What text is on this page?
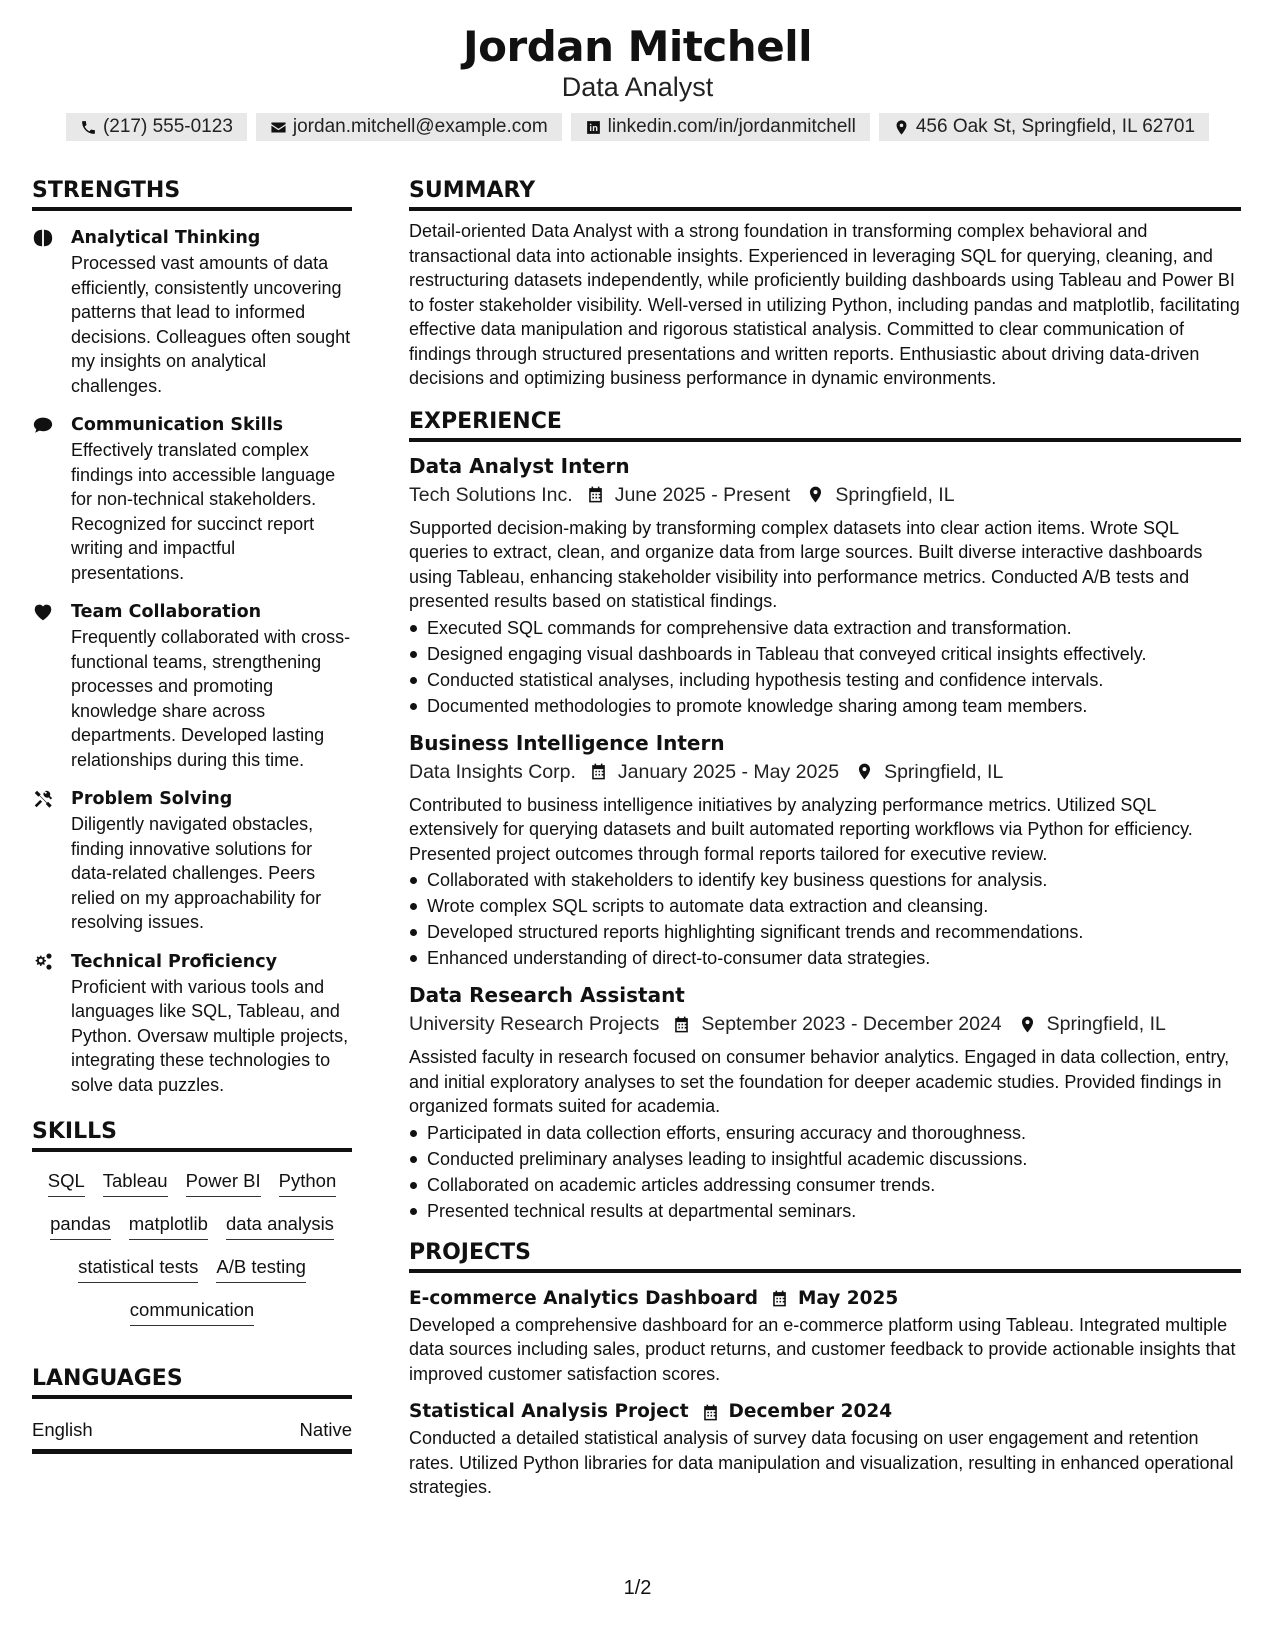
Jordan Mitchell
Data Analyst
(217) 555-0123	jordan.mitchell@example.com	linkedin.com/in/jordanmitchell	456 Oak St, Springfield, IL 62701
STRENGTHS
Analytical Thinking
Processed vast amounts of data efficiently, consistently uncovering patterns that lead to informed decisions. Colleagues often sought my insights on analytical challenges.
Communication Skills
Effectively translated complex findings into accessible language for non-technical stakeholders. Recognized for succinct report writing and impactful presentations.
Team Collaboration
Frequently collaborated with cross-functional teams, strengthening processes and promoting knowledge share across departments. Developed lasting relationships during this time.
Problem Solving
Diligently navigated obstacles, finding innovative solutions for data-related challenges. Peers relied on my approachability for resolving issues.
Technical Proficiency
Proficient with various tools and languages like SQL, Tableau, and Python. Oversaw multiple projects, integrating these technologies to solve data puzzles.
SKILLS
SQL Tableau Power BI Python
pandas matplotlib data analysis
statistical tests A/B testing
communication
LANGUAGES
English	Native
SUMMARY
Detail-oriented Data Analyst with a strong foundation in transforming complex behavioral and transactional data into actionable insights. Experienced in leveraging SQL for querying, cleaning, and restructuring datasets independently, while proficiently building dashboards using Tableau and Power BI to foster stakeholder visibility. Well-versed in utilizing Python, including pandas and matplotlib, facilitating effective data manipulation and rigorous statistical analysis. Committed to clear communication of findings through structured presentations and written reports. Enthusiastic about driving data-driven decisions and optimizing business performance in dynamic environments.
EXPERIENCE
Data Analyst Intern
Tech Solutions Inc. June 2025 - Present Springfield, IL
Supported decision-making by transforming complex datasets into clear action items. Wrote SQL queries to extract, clean, and organize data from large sources. Built diverse interactive dashboards using Tableau, enhancing stakeholder visibility into performance metrics. Conducted A/B tests and presented results based on statistical findings.
Executed SQL commands for comprehensive data extraction and transformation.
Designed engaging visual dashboards in Tableau that conveyed critical insights effectively.
Conducted statistical analyses, including hypothesis testing and confidence intervals.
Documented methodologies to promote knowledge sharing among team members.
Business Intelligence Intern
Data Insights Corp. January 2025 - May 2025 Springfield, IL
Contributed to business intelligence initiatives by analyzing performance metrics. Utilized SQL extensively for querying datasets and built automated reporting workflows via Python for efficiency. Presented project outcomes through formal reports tailored for executive review.
Collaborated with stakeholders to identify key business questions for analysis.
Wrote complex SQL scripts to automate data extraction and cleansing.
Developed structured reports highlighting significant trends and recommendations.
Enhanced understanding of direct-to-consumer data strategies.
Data Research Assistant
University Research Projects September 2023 - December 2024 Springfield, IL
Assisted faculty in research focused on consumer behavior analytics. Engaged in data collection, entry, and initial exploratory analyses to set the foundation for deeper academic studies. Provided findings in organized formats suited for academia.
Participated in data collection efforts, ensuring accuracy and thoroughness.
Conducted preliminary analyses leading to insightful academic discussions.
Collaborated on academic articles addressing consumer trends.
Presented technical results at departmental seminars.
PROJECTS
E-commerce Analytics Dashboard May 2025
Developed a comprehensive dashboard for an e-commerce platform using Tableau. Integrated multiple data sources including sales, product returns, and customer feedback to provide actionable insights that improved customer satisfaction scores.
Statistical Analysis Project December 2024
Conducted a detailed statistical analysis of survey data focusing on user engagement and retention rates. Utilized Python libraries for data manipulation and visualization, resulting in enhanced operational strategies.
1/2
